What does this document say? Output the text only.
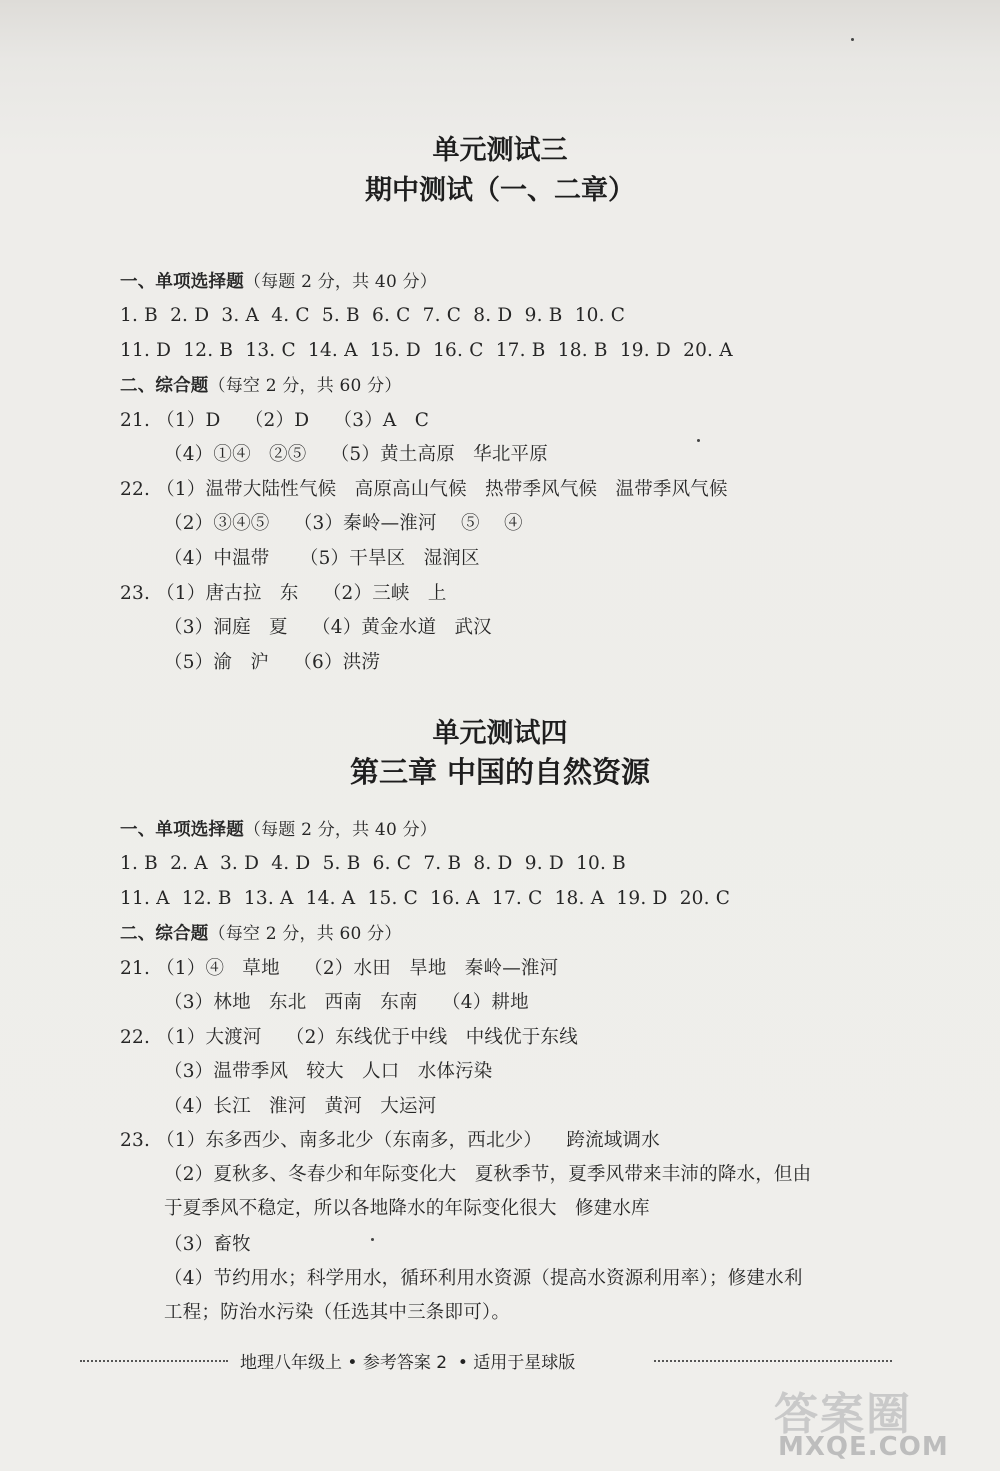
单元测试三
期中测试（一、二章）
一、单项选择题（每题 2 分，共 40 分）
1. B  2. D  3. A  4. C  5. B  6. C  7. C  8. D  9. B  10. C
11. D  12. B  13. C  14. A  15. D  16. C  17. B  18. B  19. D  20. A
二、综合题（每空 2 分，共 60 分）
21. （1）D    （2）D    （3）A   C
（4）①④   ②⑤    （5）黄土高原   华北平原
22. （1）温带大陆性气候   高原高山气候   热带季风气候   温带季风气候
（2）③④⑤    （3）秦岭—淮河    ⑤    ④
（4）中温带     （5）干旱区   湿润区
23. （1）唐古拉   东    （2）三峡   上
（3）洞庭   夏    （4）黄金水道   武汉
（5）渝   沪    （6）洪涝
单元测试四
第三章 中国的自然资源
一、单项选择题（每题 2 分，共 40 分）
1. B  2. A  3. D  4. D  5. B  6. C  7. B  8. D  9. D  10. B
11. A  12. B  13. A  14. A  15. C  16. A  17. C  18. A  19. D  20. C
二、综合题（每空 2 分，共 60 分）
21. （1）④   草地    （2）水田   旱地   秦岭—淮河
（3）林地   东北   西南   东南    （4）耕地
22. （1）大渡河    （2）东线优于中线   中线优于东线
（3）温带季风   较大   人口   水体污染
（4）长江   淮河   黄河   大运河
23. （1）东多西少、南多北少（东南多，西北少）    跨流域调水
（2）夏秋多、冬春少和年际变化大   夏秋季节，夏季风带来丰沛的降水，但由
于夏季风不稳定，所以各地降水的年际变化很大   修建水库
（3）畜牧
（4）节约用水；科学用水，循环利用水资源（提高水资源利用率）；修建水利
工程；防治水污染（任选其中三条即可）。
地理八年级上 • 参考答案 2  • 适用于星球版
答案圈
MXQE.COM
